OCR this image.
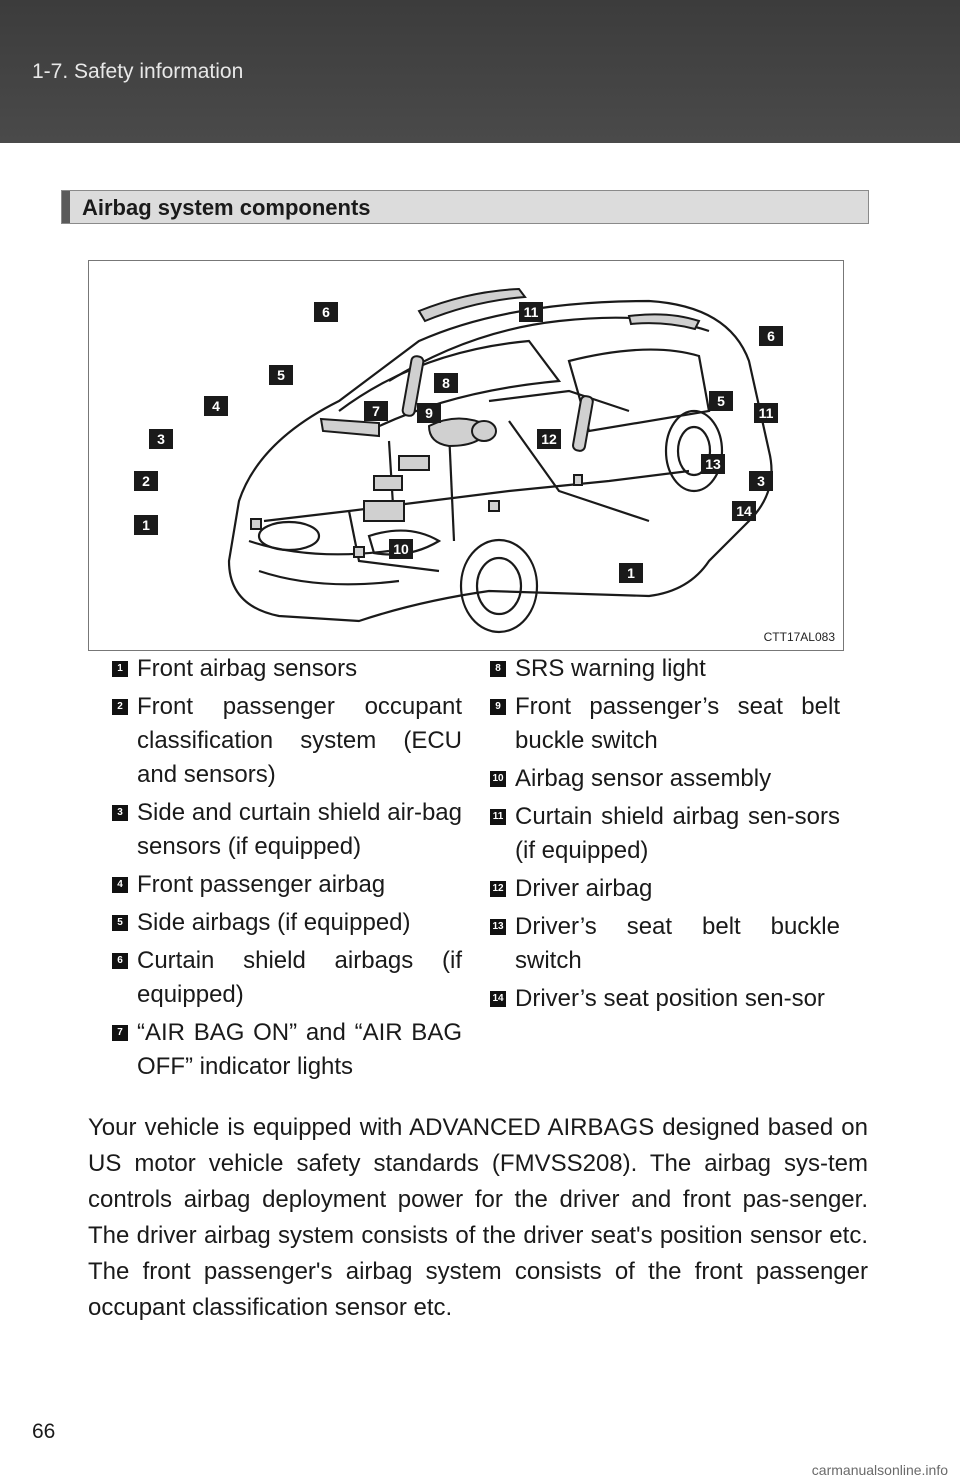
1-7. Safety information
Airbag system components
6	11
6
5	8
4	7	9
5
11
3	12
13
2	3
14
1
10
1
CTT17AL083
1 Front airbag sensors
2 Front passenger occupant classification system (ECU and sensors)
3 Side and curtain shield air-bag sensors (if equipped)
4 Front passenger airbag
5 Side airbags (if equipped)
6 Curtain shield airbags (if equipped)
7 “AIR BAG ON” and “AIR BAG OFF” indicator lights
8 SRS warning light
9 Front passenger’s seat belt buckle switch
10 Airbag sensor assembly
11 Curtain shield airbag sen-sors (if equipped)
12 Driver airbag
13 Driver’s seat belt buckle switch
14 Driver’s seat position sen-sor
Your vehicle is equipped with ADVANCED AIRBAGS designed based on US motor vehicle safety standards (FMVSS208). The airbag sys-tem controls airbag deployment power for the driver and front pas-senger. The driver airbag system consists of the driver seat's position sensor etc. The front passenger's airbag system consists of the front passenger occupant classification sensor etc.
66
carmanualsonline.info
